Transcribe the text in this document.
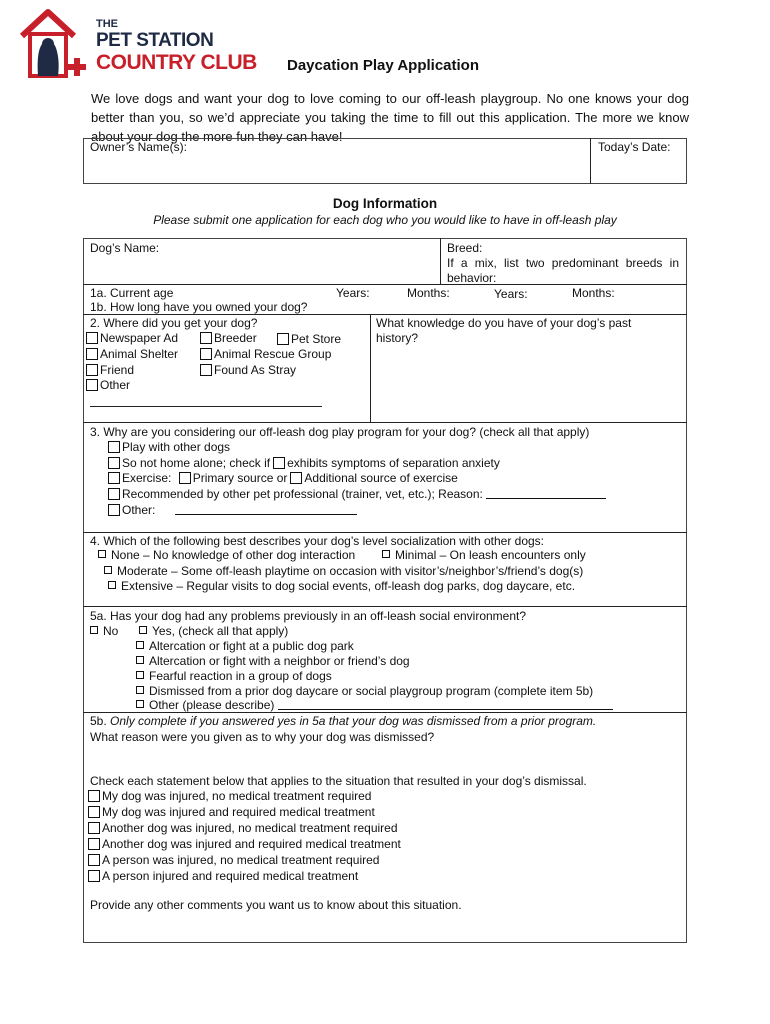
THE
PET STATION
COUNTRY CLUB Daycation Play Application
We love dogs and want your dog to love coming to our off-leash playgroup. No one knows your dog better than you, so we’d appreciate you taking the time to fill out this application. The more we know about your dog the more fun they can have!
Owner’s Name(s):	Today’s Date:
Dog Information
Please submit one application for each dog who you would like to have in off-leash play
Dog’s Name:	Breed:
If a mix, list two predominant breeds in behavior:
1a. Current age	Years:	Months:	Years:	Months:
1b. How long have you owned your dog?
2. Where did you get your dog?
Newspaper Ad	Breeder	Pet Store
Animal Shelter	Animal Rescue Group
Friend	Found As Stray
Other
What knowledge do you have of your dog’s past history?
3. Why are you considering our off-leash dog play program for your dog? (check all that apply)
Play with other dogs
So not home alone; check if exhibits symptoms of separation anxiety
Exercise: Primary source or Additional source of exercise
Recommended by other pet professional (trainer, vet, etc.); Reason:
Other:
4. Which of the following best describes your dog’s level socialization with other dogs:
None – No knowledge of other dog interaction	Minimal – On leash encounters only
Moderate – Some off-leash playtime on occasion with visitor’s/neighbor’s/friend’s dog(s)
Extensive – Regular visits to dog social events, off-leash dog parks, dog daycare, etc.
5a. Has your dog had any problems previously in an off-leash social environment?
No	Yes, (check all that apply)
Altercation or fight at a public dog park
Altercation or fight with a neighbor or friend’s dog
Fearful reaction in a group of dogs
Dismissed from a prior dog daycare or social playgroup program (complete item 5b)
Other (please describe)
5b. Only complete if you answered yes in 5a that your dog was dismissed from a prior program.
What reason were you given as to why your dog was dismissed?
Check each statement below that applies to the situation that resulted in your dog’s dismissal.
My dog was injured, no medical treatment required
My dog was injured and required medical treatment
Another dog was injured, no medical treatment required
Another dog was injured and required medical treatment
A person was injured, no medical treatment required
A person injured and required medical treatment
Provide any other comments you want us to know about this situation.
